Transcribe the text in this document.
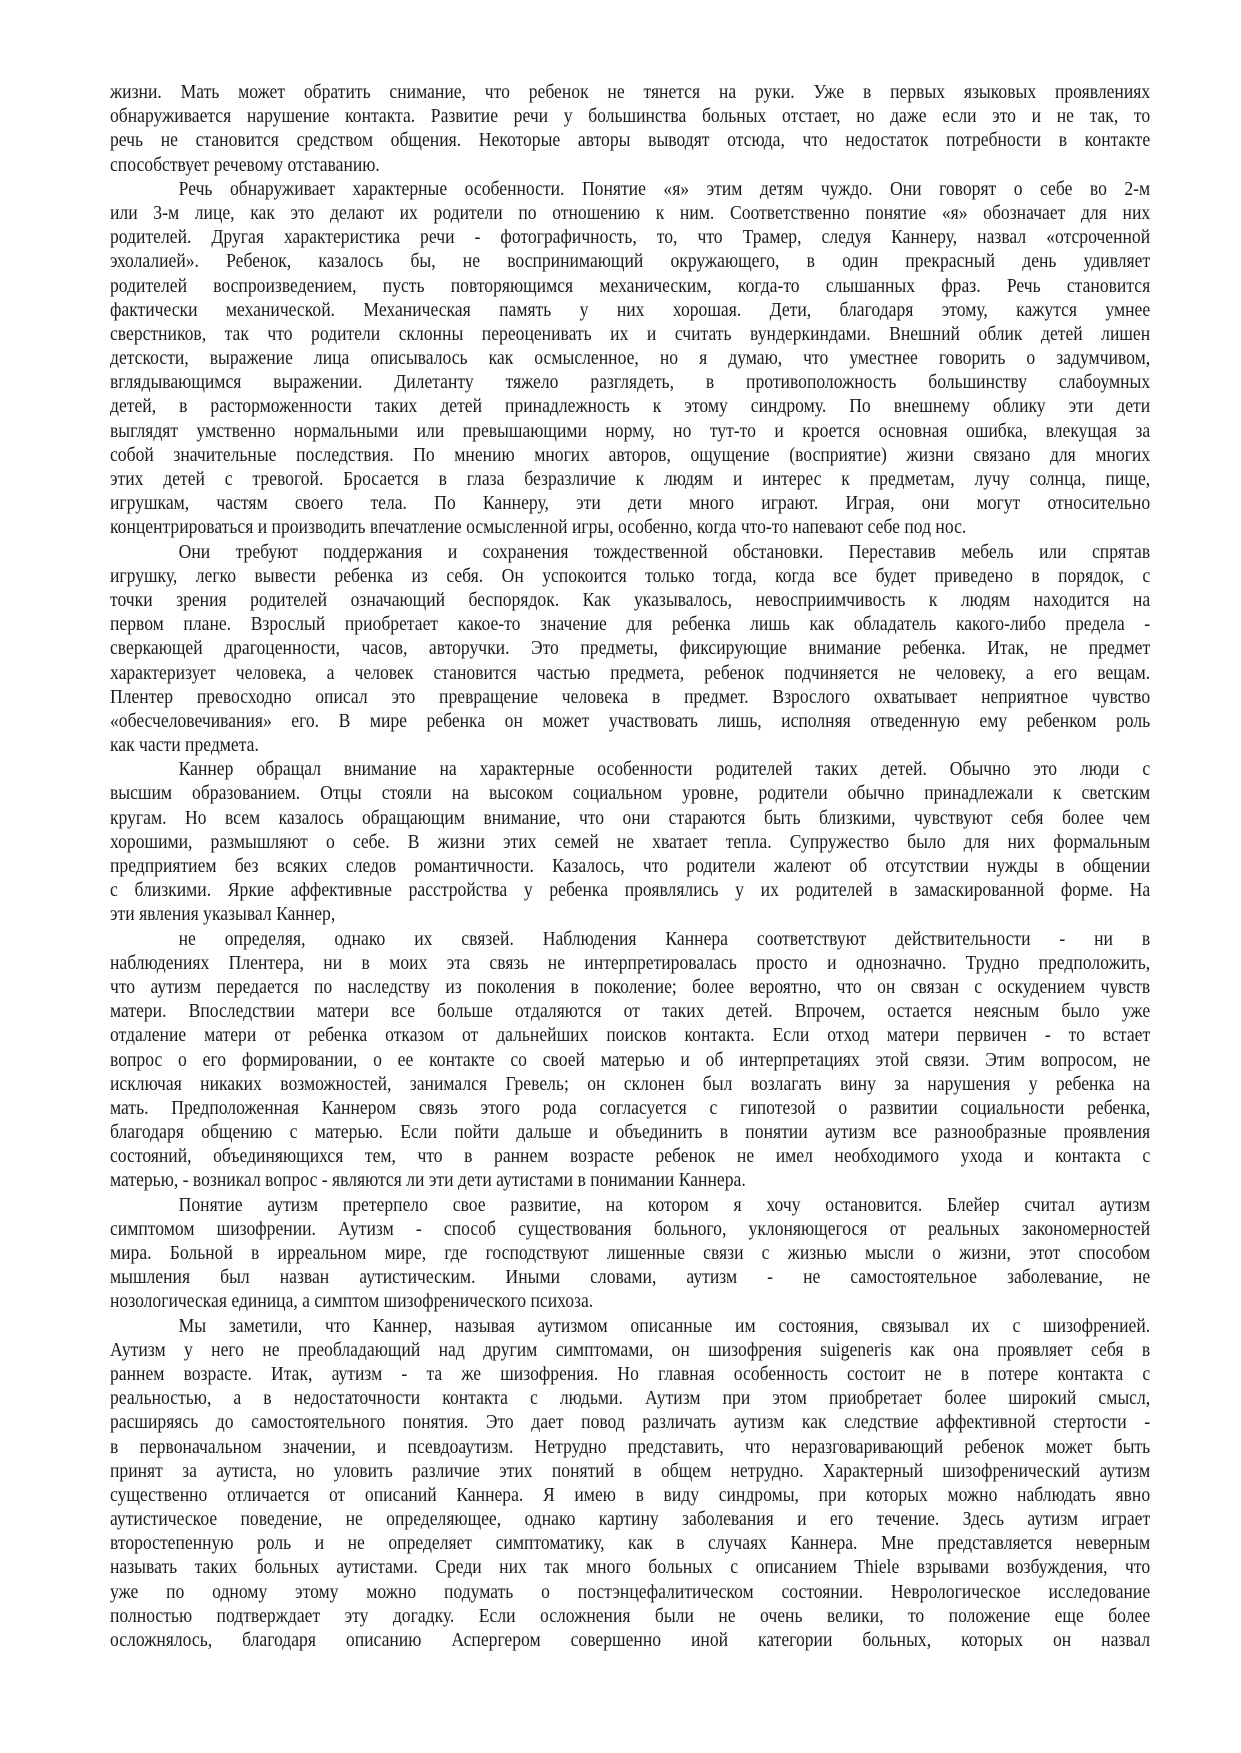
жизни. Мать может обратить снимание, что ребенок не тянется на руки. Уже в первых языковых проявлениях
обнаруживается нарушение контакта. Развитие речи у большинства больных отстает, но даже если это и не так, то
речь не становится средством общения. Некоторые авторы выводят отсюда, что недостаток потребности в контакте
способствует речевому отставанию.
Речь обнаруживает характерные особенности. Понятие «я» этим детям чуждо. Они говорят о себе во 2-м
или 3-м лице, как это делают их родители по отношению к ним. Соответственно понятие «я» обозначает для них
родителей. Другая характеристика речи - фотографичность, то, что Трамер, следуя Каннеру, назвал «отсроченной
эхолалией». Ребенок, казалось бы, не воспринимающий окружающего, в один прекрасный день удивляет
родителей воспроизведением, пусть повторяющимся механическим, когда-то слышанных фраз. Речь становится
фактически механической. Механическая память у них хорошая. Дети, благодаря этому, кажутся умнее
сверстников, так что родители склонны переоценивать их и считать вундеркиндами. Внешний облик детей лишен
детскости, выражение лица описывалось как осмысленное, но я думаю, что уместнее говорить о задумчивом,
вглядывающимся выражении. Дилетанту тяжело разглядеть, в противоположность большинству слабоумных
детей, в расторможенности таких детей принадлежность к этому синдрому. По внешнему облику эти дети
выглядят умственно нормальными или превышающими норму, но тут-то и кроется основная ошибка, влекущая за
собой значительные последствия. По мнению многих авторов, ощущение (восприятие) жизни связано для многих
этих детей с тревогой. Бросается в глаза безразличие к людям и интерес к предметам, лучу солнца, пище,
игрушкам, частям своего тела. По Каннеру, эти дети много играют. Играя, они могут относительно
концентрироваться и производить впечатление осмысленной игры, особенно, когда что-то напевают себе под нос.
Они требуют поддержания и сохранения тождественной обстановки. Переставив мебель или спрятав
игрушку, легко вывести ребенка из себя. Он успокоится только тогда, когда все будет приведено в порядок, с
точки зрения родителей означающий беспорядок. Как указывалось, невосприимчивость к людям находится на
первом плане. Взрослый приобретает какое-то значение для ребенка лишь как обладатель какого-либо предела -
сверкающей драгоценности, часов, авторучки. Это предметы, фиксирующие внимание ребенка. Итак, не предмет
характеризует человека, а человек становится частью предмета, ребенок подчиняется не человеку, а его вещам.
Плентер превосходно описал это превращение человека в предмет. Взрослого охватывает неприятное чувство
«обесчеловечивания» его. В мире ребенка он может участвовать лишь, исполняя отведенную ему ребенком роль
как части предмета.
Каннер обращал внимание на характерные особенности родителей таких детей. Обычно это люди с
высшим образованием. Отцы стояли на высоком социальном уровне, родители обычно принадлежали к светским
кругам. Но всем казалось обращающим внимание, что они стараются быть близкими, чувствуют себя более чем
хорошими, размышляют о себе. В жизни этих семей не хватает тепла. Супружество было для них формальным
предприятием без всяких следов романтичности. Казалось, что родители жалеют об отсутствии нужды в общении
с близкими. Яркие аффективные расстройства у ребенка проявлялись у их родителей в замаскированной форме. На
эти явления указывал Каннер,
не определяя, однако их связей. Наблюдения Каннера соответствуют действительности - ни в
наблюдениях Плентера, ни в моих эта связь не интерпретировалась просто и однозначно. Трудно предположить,
что аутизм передается по наследству из поколения в поколение; более вероятно, что он связан с оскудением чувств
матери. Впоследствии матери все больше отдаляются от таких детей. Впрочем, остается неясным было уже
отдаление матери от ребенка отказом от дальнейших поисков контакта. Если отход матери первичен - то встает
вопрос о его формировании, о ее контакте со своей матерью и об интерпретациях этой связи. Этим вопросом, не
исключая никаких возможностей, занимался Гревель; он склонен был возлагать вину за нарушения у ребенка на
мать. Предположенная Каннером связь этого рода согласуется с гипотезой о развитии социальности ребенка,
благодаря общению с матерью. Если пойти дальше и объединить в понятии аутизм все разнообразные проявления
состояний, объединяющихся тем, что в раннем возрасте ребенок не имел необходимого ухода и контакта с
матерью, - возникал вопрос - являются ли эти дети аутистами в понимании Каннера.
Понятие аутизм претерпело свое развитие, на котором я хочу остановится. Блейер считал аутизм
симптомом шизофрении. Аутизм - способ существования больного, уклоняющегося от реальных закономерностей
мира. Больной в ирреальном мире, где господствуют лишенные связи с жизнью мысли о жизни, этот способом
мышления был назван аутистическим. Иными словами, аутизм - не самостоятельное заболевание, не
нозологическая единица, а симптом шизофренического психоза.
Мы заметили, что Каннер, называя аутизмом описанные им состояния, связывал их с шизофренией.
Аутизм у него не преобладающий над другим симптомами, он шизофрения suigeneris как она проявляет себя в
раннем возрасте. Итак, аутизм - та же шизофрения. Но главная особенность состоит не в потере контакта с
реальностью, а в недостаточности контакта с людьми. Аутизм при этом приобретает более широкий смысл,
расширяясь до самостоятельного понятия. Это дает повод различать аутизм как следствие аффективной стертости -
в первоначальном значении, и псевдоаутизм. Нетрудно представить, что неразговаривающий ребенок может быть
принят за аутиста, но уловить различие этих понятий в общем нетрудно. Характерный шизофренический аутизм
существенно отличается от описаний Каннера. Я имею в виду синдромы, при которых можно наблюдать явно
аутистическое поведение, не определяющее, однако картину заболевания и его течение. Здесь аутизм играет
второстепенную роль и не определяет симптоматику, как в случаях Каннера. Мне представляется неверным
называть таких больных аутистами. Среди них так много больных с описанием Thiele взрывами возбуждения, что
уже по одному этому можно подумать о постэнцефалитическом состоянии. Неврологическое исследование
полностью подтверждает эту догадку. Если осложнения были не очень велики, то положение еще более
осложнялось, благодаря описанию Аспергером совершенно иной категории больных, которых он назвал
